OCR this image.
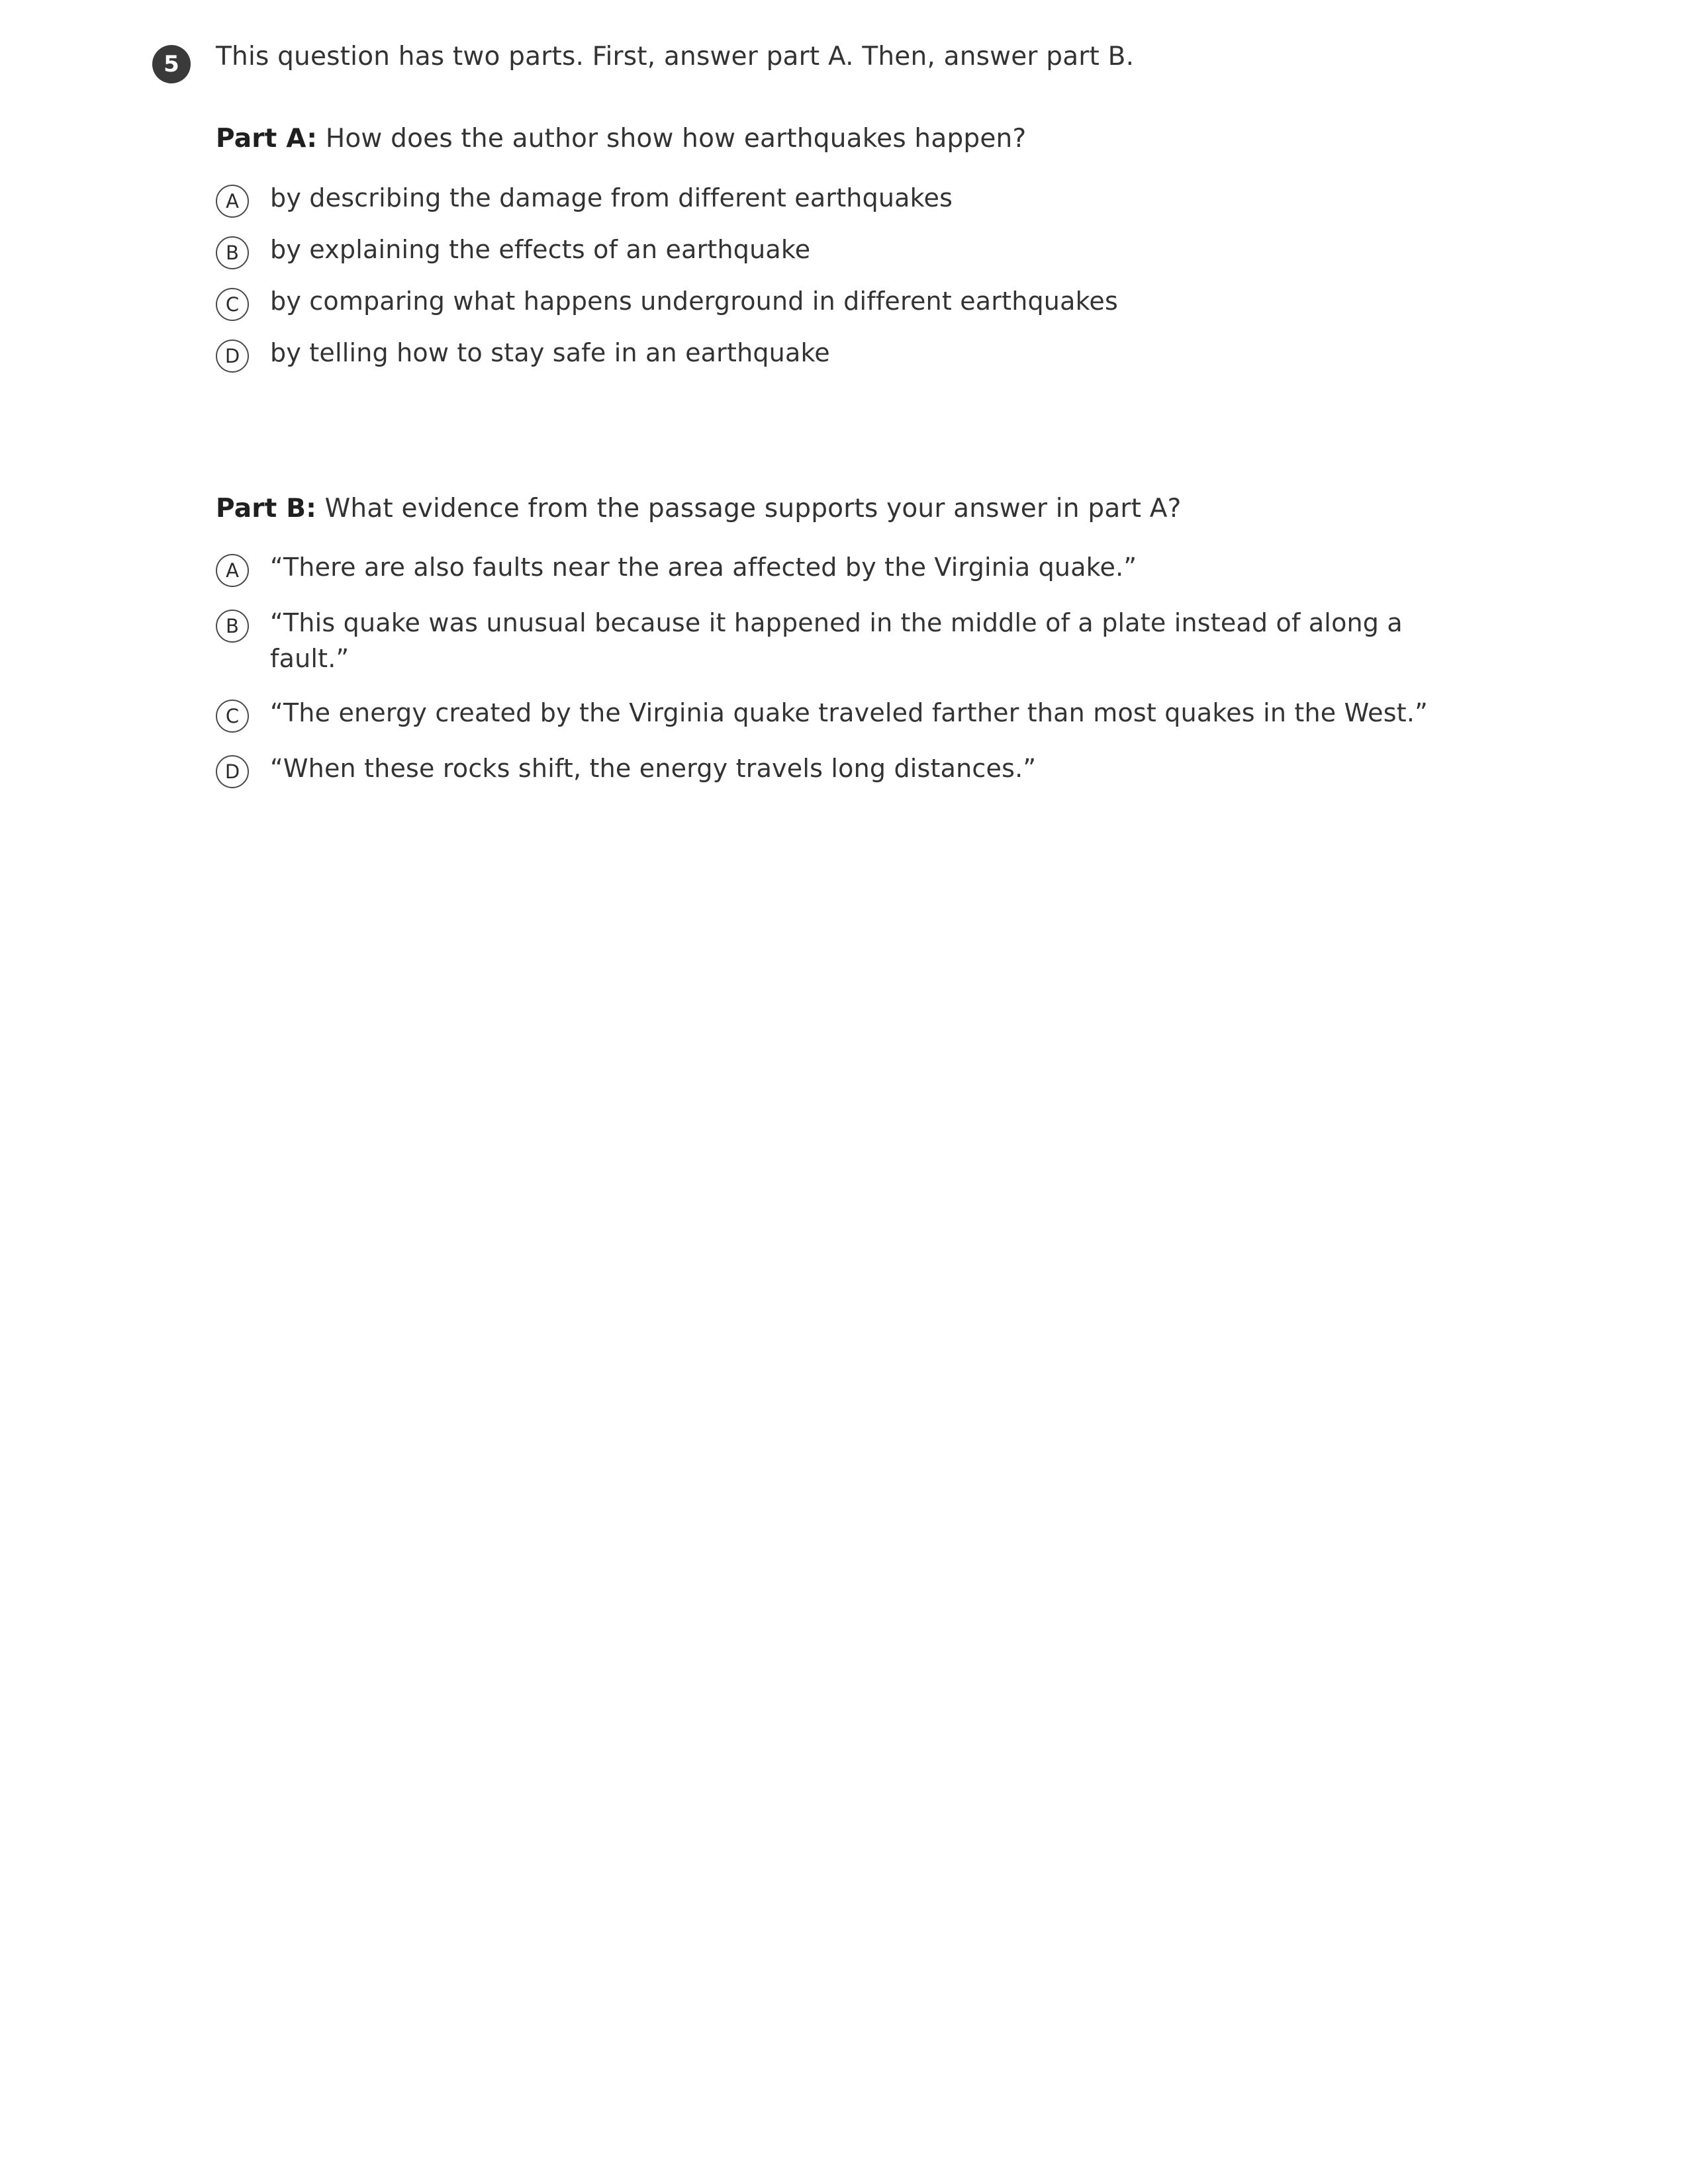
5	This question has two parts. First, answer part A. Then, answer part B.
Part A: How does the author show how earthquakes happen?
A	by describing the damage from different earthquakes
B	by explaining the effects of an earthquake
C	by comparing what happens underground in different earthquakes
D	by telling how to stay safe in an earthquake
Part B: What evidence from the passage supports your answer in part A?
A	“There are also faults near the area affected by the Virginia quake.”
B	“This quake was unusual because it happened in the middle of a plate instead of along a fault.”
C	“The energy created by the Virginia quake traveled farther than most quakes in the West.”
D	“When these rocks shift, the energy travels long distances.”
